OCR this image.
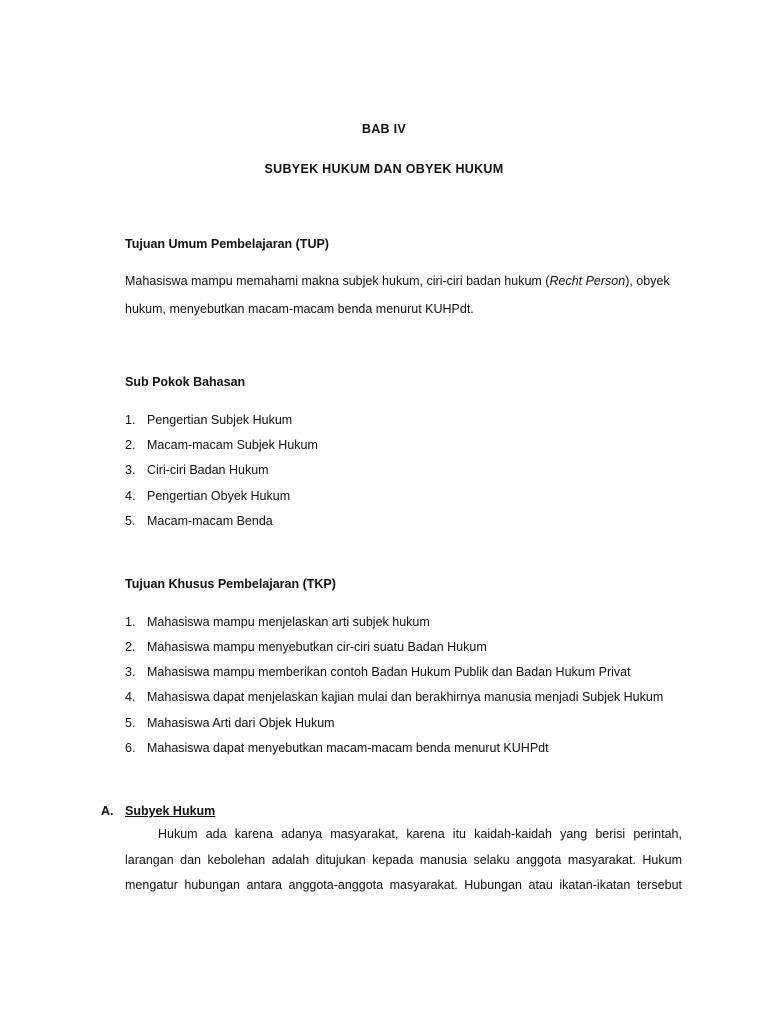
BAB IV
SUBYEK HUKUM DAN OBYEK HUKUM
Tujuan Umum Pembelajaran (TUP)
Mahasiswa mampu memahami makna subjek hukum, ciri-ciri badan hukum (Recht Person), obyek hukum, menyebutkan macam-macam benda menurut KUHPdt.
Sub Pokok Bahasan
1. Pengertian Subjek Hukum
2. Macam-macam Subjek Hukum
3. Ciri-ciri Badan Hukum
4. Pengertian Obyek Hukum
5. Macam-macam Benda
Tujuan Khusus Pembelajaran (TKP)
1. Mahasiswa mampu menjelaskan arti subjek hukum
2. Mahasiswa mampu menyebutkan cir-ciri suatu Badan Hukum
3. Mahasiswa mampu memberikan contoh Badan Hukum Publik dan Badan Hukum Privat
4. Mahasiswa dapat menjelaskan kajian mulai dan berakhirnya manusia menjadi Subjek Hukum
5. Mahasiswa Arti dari Objek Hukum
6. Mahasiswa dapat menyebutkan macam-macam benda menurut KUHPdt
A. Subyek Hukum
Hukum ada karena adanya masyarakat, karena itu kaidah-kaidah yang berisi perintah,
larangan dan kebolehan adalah ditujukan kepada manusia selaku anggota masyarakat. Hukum
mengatur hubungan antara anggota-anggota masyarakat. Hubungan atau ikatan-ikatan tersebut
